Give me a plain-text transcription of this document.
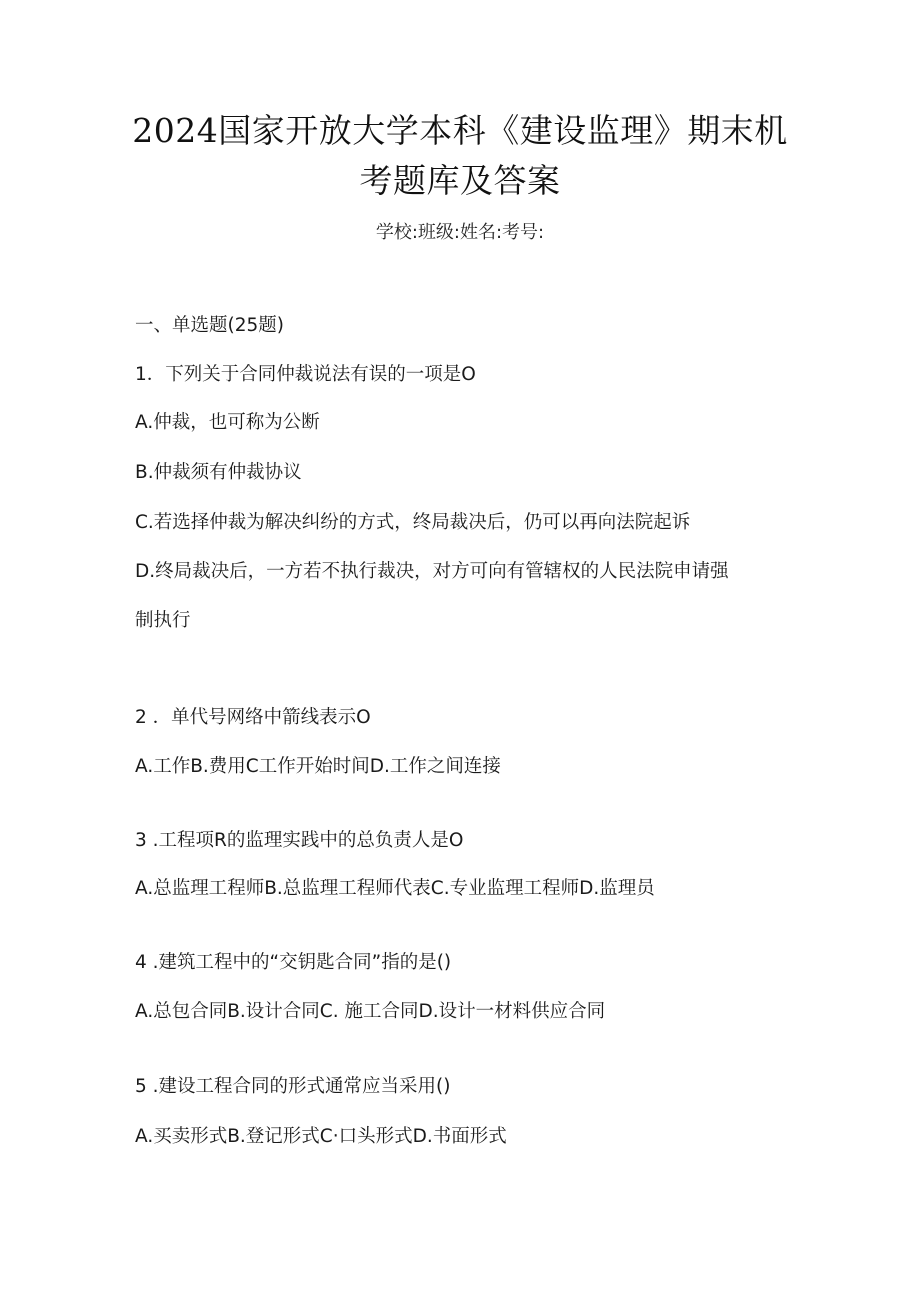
2024国家开放大学本科《建设监理》期末机
考题库及答案
学校:班级:姓名:考号:
一、单选题(25题)
1．下列关于合同仲裁说法有误的一项是O
A.仲裁，也可称为公断
B.仲裁须有仲裁协议
C.若选择仲裁为解决纠纷的方式，终局裁决后，仍可以再向法院起诉
D.终局裁决后，一方若不执行裁决，对方可向有管辖权的人民法院申请强
制执行
2 ．单代号网络中箭线表示O
A.工作B.费用C工作开始时间D.工作之间连接
3 .工程项R的监理实践中的总负责人是O
A.总监理工程师B.总监理工程师代表C.专业监理工程师D.监理员
4 .建筑工程中的“交钥匙合同”指的是()
A.总包合同B.设计合同C. 施工合同D.设计一材料供应合同
5 .建设工程合同的形式通常应当采用()
A.买卖形式B.登记形式C·口头形式D.书面形式
